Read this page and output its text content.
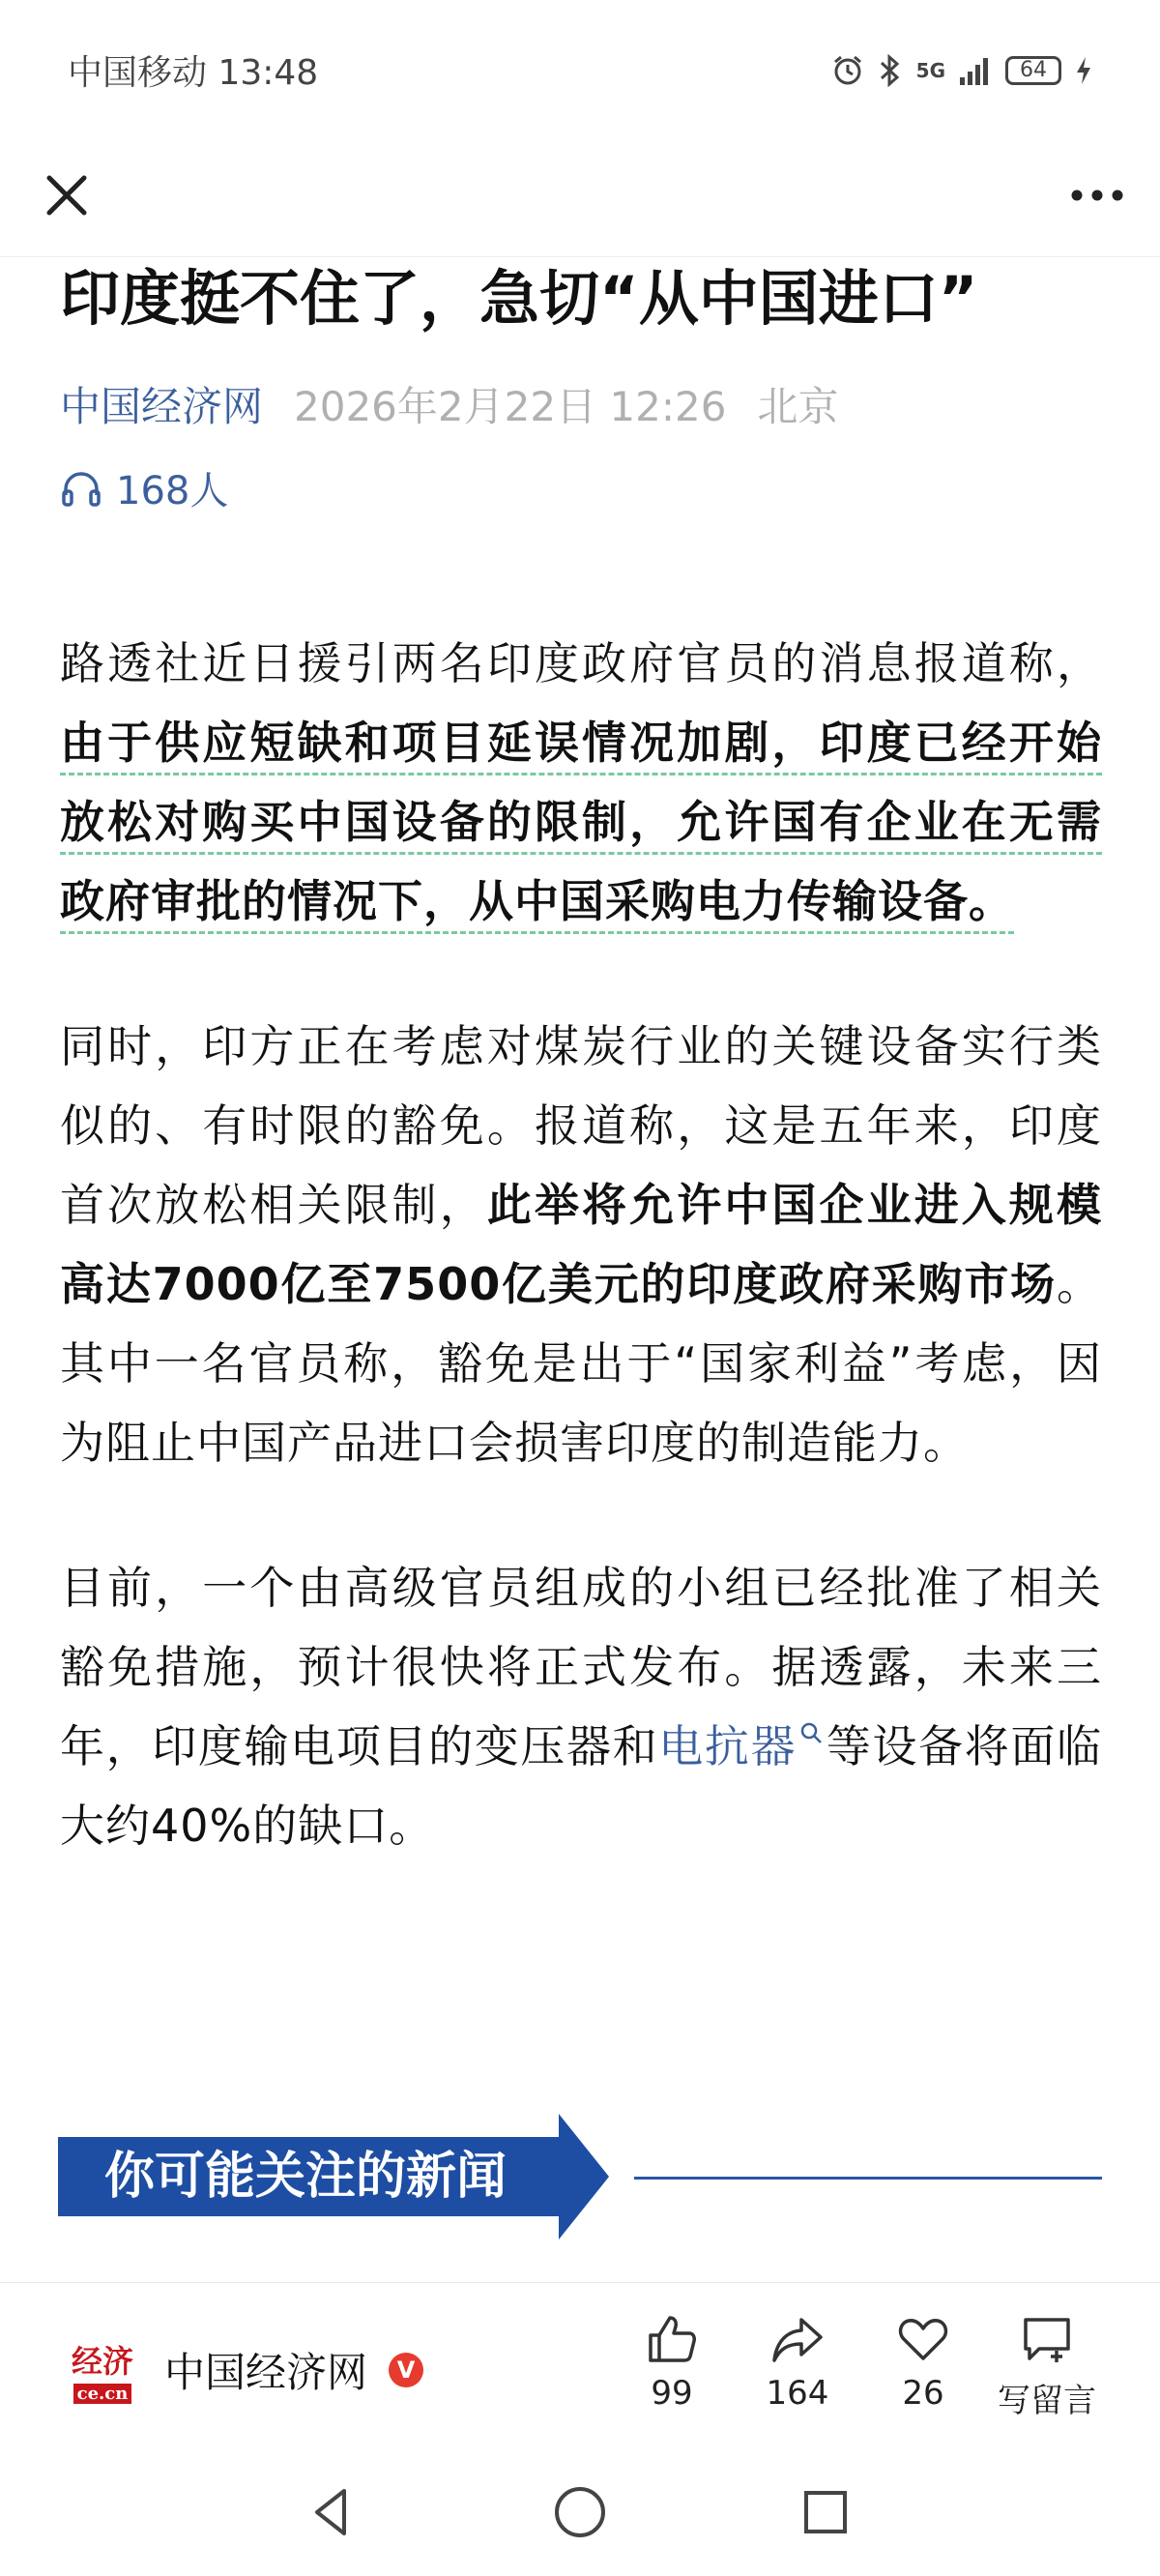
中国移动 13:48	5G	64
印度挺不住了，急切“从中国进口”
中国经济网 2026年2月22日 12:26 北京
168人

路透社近日援引两名印度政府官员的消息报道称，由于供应短缺和项目延误情况加剧，印度已经开始放松对购买中国设备的限制，允许国有企业在无需政府审批的情况下，从中国采购电力传输设备。

同时，印方正在考虑对煤炭行业的关键设备实行类似的、有时限的豁免。报道称，这是五年来，印度首次放松相关限制，此举将允许中国企业进入规模高达7000亿至7500亿美元的印度政府采购市场。其中一名官员称，豁免是出于“国家利益”考虑，因为阻止中国产品进口会损害印度的制造能力。

目前，一个由高级官员组成的小组已经批准了相关豁免措施，预计很快将正式发布。据透露，未来三年，印度输电项目的变压器和电抗器 等设备将面临大约40%的缺口。

你可能关注的新闻
经济
ce.cn 中国经济网	V
99 164 26 写留言
